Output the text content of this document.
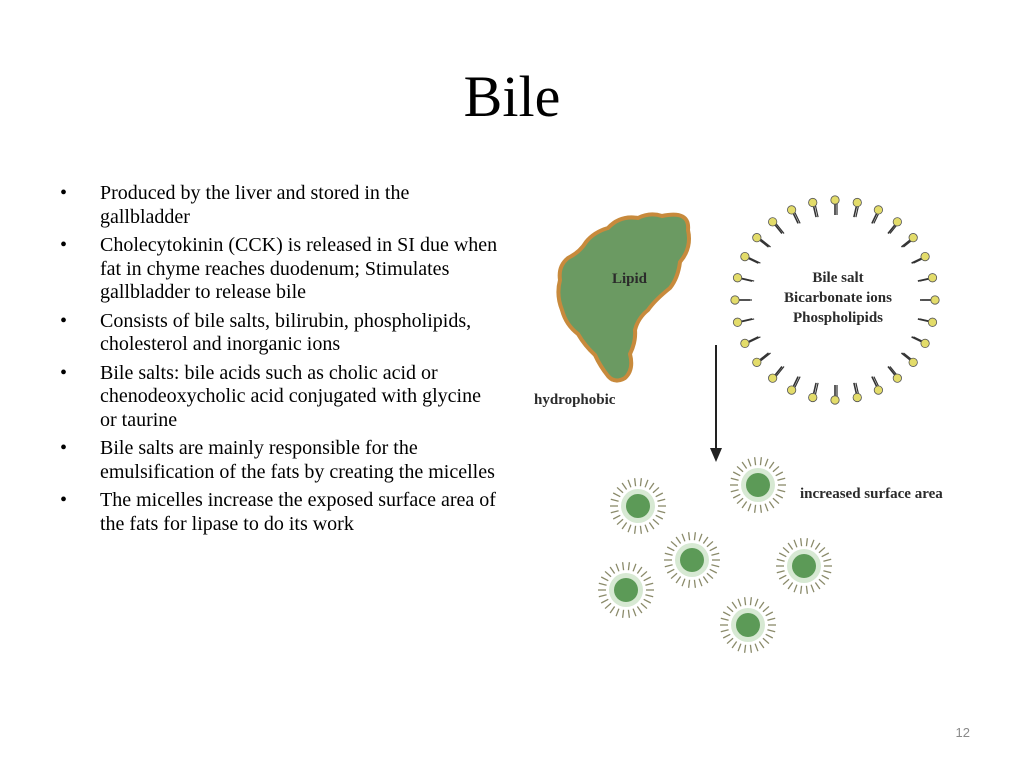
Bile
• Produced by the liver and stored in the gallbladder
• Cholecytokinin (CCK) is released in SI due when fat in chyme reaches duodenum; Stimulates gallbladder to release bile
• Consists of bile salts, bilirubin, phospholipids, cholesterol and inorganic ions
• Bile salts: bile acids such as cholic acid or chenodeoxycholic acid conjugated with glycine or taurine
• Bile salts are mainly responsible for the emulsification of the fats by creating the micelles
• The micelles increase the exposed surface area of the fats for lipase to do its work
Lipid
hydrophobic
Bile salt
Bicarbonate ions
Phospholipids
increased surface area
12
